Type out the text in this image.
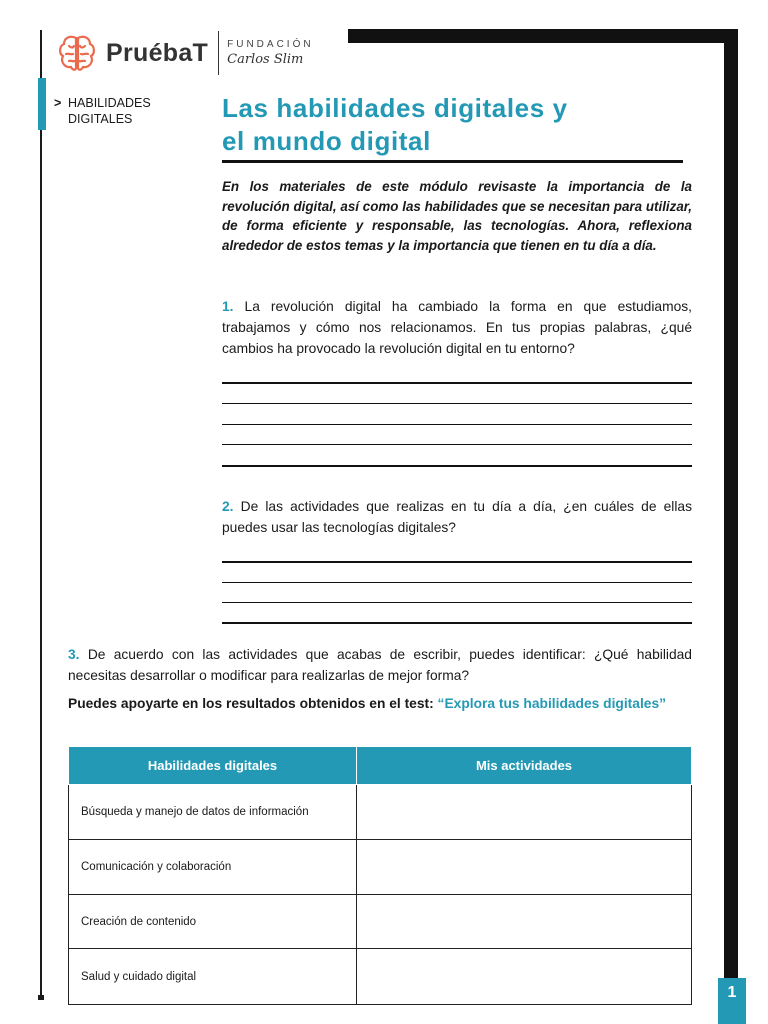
PruébaT FUNDACIÓN
Carlos Slim
> HABILIDADES
DIGITALES	Las habilidades digitales y
el mundo digital

En los materiales de este módulo revisaste la importancia de la revolución digital, así como las habilidades que se necesitan para utilizar, de forma eficiente y responsable, las tecnologías. Ahora, reflexiona alrededor de estos temas y la importancia que tienen en tu día a día.

1. La revolución digital ha cambiado la forma en que estudiamos, trabajamos y cómo nos relacionamos. En tus propias palabras, ¿qué cambios ha provocado la revolución digital en tu entorno?

2. De las actividades que realizas en tu día a día, ¿en cuáles de ellas puedes usar las tecnologías digitales?

3. De acuerdo con las actividades que acabas de escribir, puedes identificar: ¿Qué habilidad necesitas desarrollar o modificar para realizarlas de mejor forma?

Puedes apoyarte en los resultados obtenidos en el test: “Explora tus habilidades digitales”

Habilidades digitales	Mis actividades
Búsqueda y manejo de datos de información	
Comunicación y colaboración	
Creación de contenido	
Salud y cuidado digital	
1
